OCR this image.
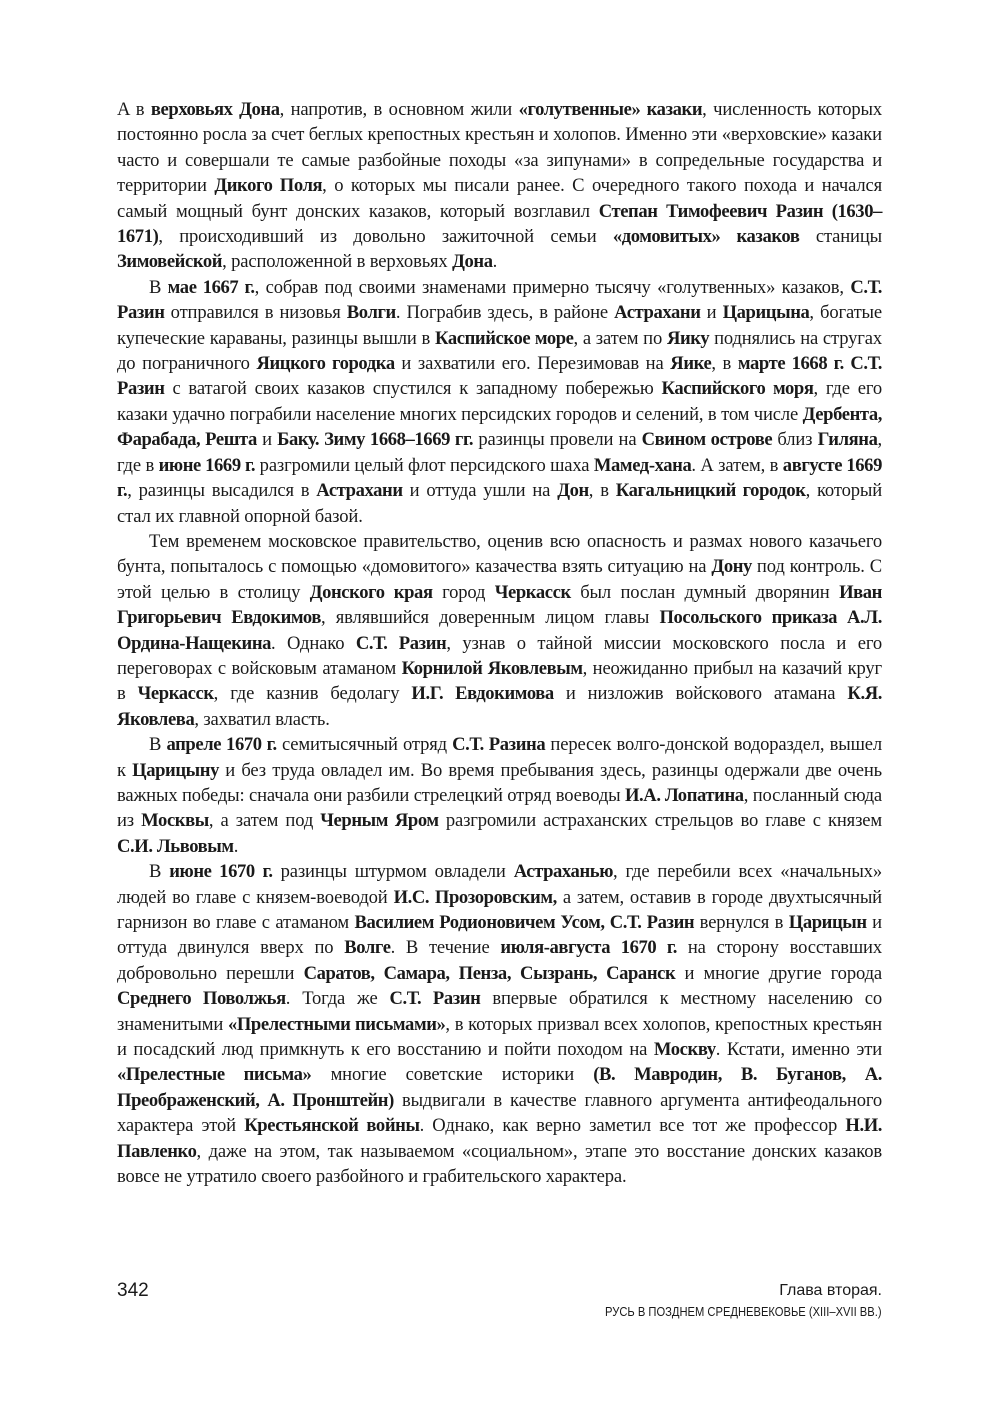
A в верховьях Дона, напротив, в основном жили «голутвенные» казаки, численность которых постоянно росла за счет беглых крепостных крестьян и холопов. Именно эти «верховские» казаки часто и совершали те самые разбойные походы «за зипунами» в сопредельные государства и территории Дикого Поля, о которых мы писали ранее. С очередного такого похода и начался самый мощный бунт донских казаков, который возглавил Степан Тимофеевич Разин (1630–1671), происходивший из довольно зажиточной семьи «домовитых» казаков станицы Зимовейской, расположенной в верховьях Дона.

В мае 1667 г., собрав под своими знаменами примерно тысячу «голутвенных» казаков, С.Т. Разин отправился в низовья Волги. Пограбив здесь, в районе Астрахани и Царицына, богатые купеческие караваны, разинцы вышли в Каспийское море, а затем по Яику поднялись на стругах до пограничного Яицкого городка и захватили его. Перезимовав на Яике, в марте 1668 г. С.Т. Разин с ватагой своих казаков спустился к западному побережью Каспийского моря, где его казаки удачно пограбили население многих персидских городов и селений, в том числе Дербента, Фарабада, Решта и Баку. Зиму 1668–1669 гг. разинцы провели на Свином острове близ Гиляна, где в июне 1669 г. разгромили целый флот персидского шаха Мамед-хана. А затем, в августе 1669 г., разинцы высадился в Астрахани и оттуда ушли на Дон, в Кагальницкий городок, который стал их главной опорной базой.

Тем временем московское правительство, оценив всю опасность и размах нового казачьего бунта, попыталось с помощью «домовитого» казачества взять ситуацию на Дону под контроль. С этой целью в столицу Донского края город Черкасск был послан думный дворянин Иван Григорьевич Евдокимов, являвшийся доверенным лицом главы Посольского приказа А.Л. Ордина-Нащекина. Однако С.Т. Разин, узнав о тайной миссии московского посла и его переговорах с войсковым атаманом Корнилой Яковлевым, неожиданно прибыл на казачий круг в Черкасск, где казнив бедолагу И.Г. Евдокимова и низложив войскового атамана К.Я. Яковлева, захватил власть.

В апреле 1670 г. семитысячный отряд С.Т. Разина пересек волго-донской водораздел, вышел к Царицыну и без труда овладел им. Во время пребывания здесь, разинцы одержали две очень важных победы: сначала они разбили стрелецкий отряд воеводы И.А. Лопатина, посланный сюда из Москвы, а затем под Черным Яром разгромили астраханских стрельцов во главе с князем С.И. Львовым.

В июне 1670 г. разинцы штурмом овладели Астраханью, где перебили всех «начальных» людей во главе с князем-воеводой И.С. Прозоровским, а затем, оставив в городе двухтысячный гарнизон во главе с атаманом Василием Родионовичем Усом, С.Т. Разин вернулся в Царицын и оттуда двинулся вверх по Волге. В течение июля-августа 1670 г. на сторону восставших добровольно перешли Саратов, Самара, Пенза, Сызрань, Саранск и многие другие города Среднего Поволжья. Тогда же С.Т. Разин впервые обратился к местному населению со знаменитыми «Прелестными письмами», в которых призвал всех холопов, крепостных крестьян и посадский люд примкнуть к его восстанию и пойти походом на Москву. Кстати, именно эти «Прелестные письма» многие советские историки (В. Мавродин, В. Буганов, А. Преображенский, А. Пронштейн) выдвигали в качестве главного аргумента антифеодального характера этой Крестьянской войны. Однако, как верно заметил все тот же профессор Н.И. Павленко, даже на этом, так называемом «социальном», этапе это восстание донских казаков вовсе не утратило своего разбойного и грабительского характера.

342	Глава вторая.
РУСЬ В ПОЗДНЕМ СРЕДНЕВЕКОВЬЕ (XIII–XVII ВВ.)
